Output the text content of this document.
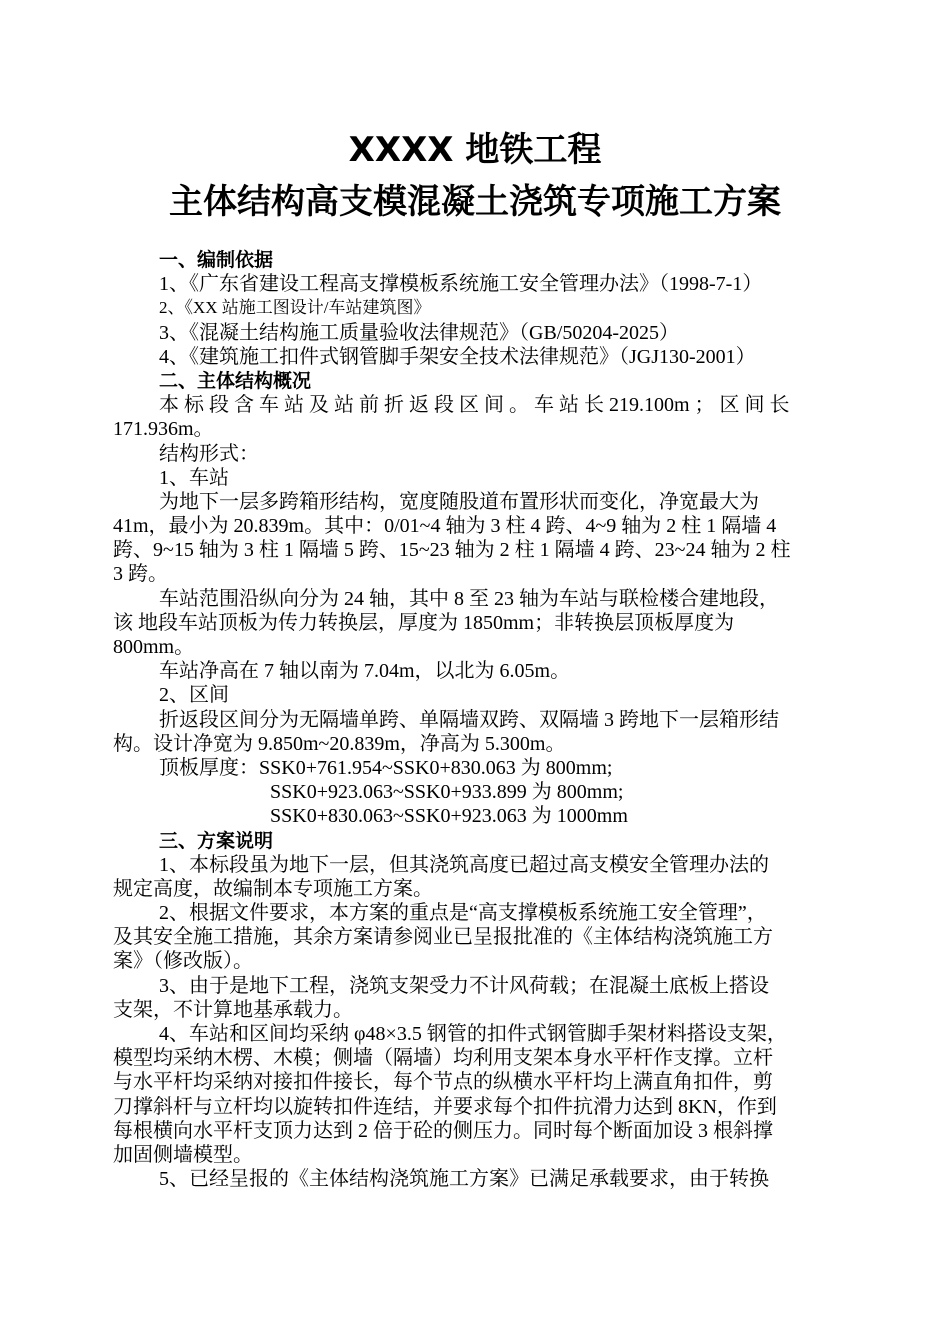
XXXX 地铁工程
主体结构高支模混凝土浇筑专项施工方案
一、编制依据
1、《广东省建设工程高支撑模板系统施工安全管理办法》（1998-7-1）
2、《XX 站施工图设计/车站建筑图》
3、《混凝土结构施工质量验收法律规范》（GB/50204-2025）
4、《建筑施工扣件式钢管脚手架安全技术法律规范》（JGJ130-2001）
二、主体结构概况
本 标 段 含 车 站 及 站 前 折 返 段 区 间 。 车 站 长 219.100m ； 区 间 长
171.936m。
结构形式：
1、车站
为地下一层多跨箱形结构，宽度随股道布置形状而变化，净宽最大为
41m，最小为 20.839m。其中：0/01~4 轴为 3 柱 4 跨、4~9 轴为 2 柱 1 隔墙 4
跨、9~15 轴为 3 柱 1 隔墙 5 跨、15~23 轴为 2 柱 1 隔墙 4 跨、23~24 轴为 2 柱
3 跨。
车站范围沿纵向分为 24 轴，其中 8 至 23 轴为车站与联检楼合建地段，
该 地段车站顶板为传力转换层，厚度为 1850mm；非转换层顶板厚度为
800mm。
车站净高在 7 轴以南为 7.04m，以北为 6.05m。
2、区间
折返段区间分为无隔墙单跨、单隔墙双跨、双隔墙 3 跨地下一层箱形结
构。设计净宽为 9.850m~20.839m，净高为 5.300m。
顶板厚度：SSK0+761.954~SSK0+830.063 为 800mm;
SSK0+923.063~SSK0+933.899 为 800mm;
SSK0+830.063~SSK0+923.063 为 1000mm
三、方案说明
1、本标段虽为地下一层，但其浇筑高度已超过高支模安全管理办法的
规定高度，故编制本专项施工方案。
2、根据文件要求，本方案的重点是“高支撑模板系统施工安全管理”，
及其安全施工措施，其余方案请参阅业已呈报批准的《主体结构浇筑施工方
案》（修改版）。
3、由于是地下工程，浇筑支架受力不计风荷载；在混凝土底板上搭设
支架，不计算地基承载力。
4、车站和区间均采纳 φ48×3.5 钢管的扣件式钢管脚手架材料搭设支架，
模型均采纳木楞、木模；侧墙（隔墙）均利用支架本身水平杆作支撑。立杆
与水平杆均采纳对接扣件接长，每个节点的纵横水平杆均上满直角扣件，剪
刀撑斜杆与立杆均以旋转扣件连结，并要求每个扣件抗滑力达到 8KN，作到
每根横向水平杆支顶力达到 2 倍于砼的侧压力。同时每个断面加设 3 根斜撑
加固侧墙模型。
5、已经呈报的《主体结构浇筑施工方案》已满足承载要求，由于转换
